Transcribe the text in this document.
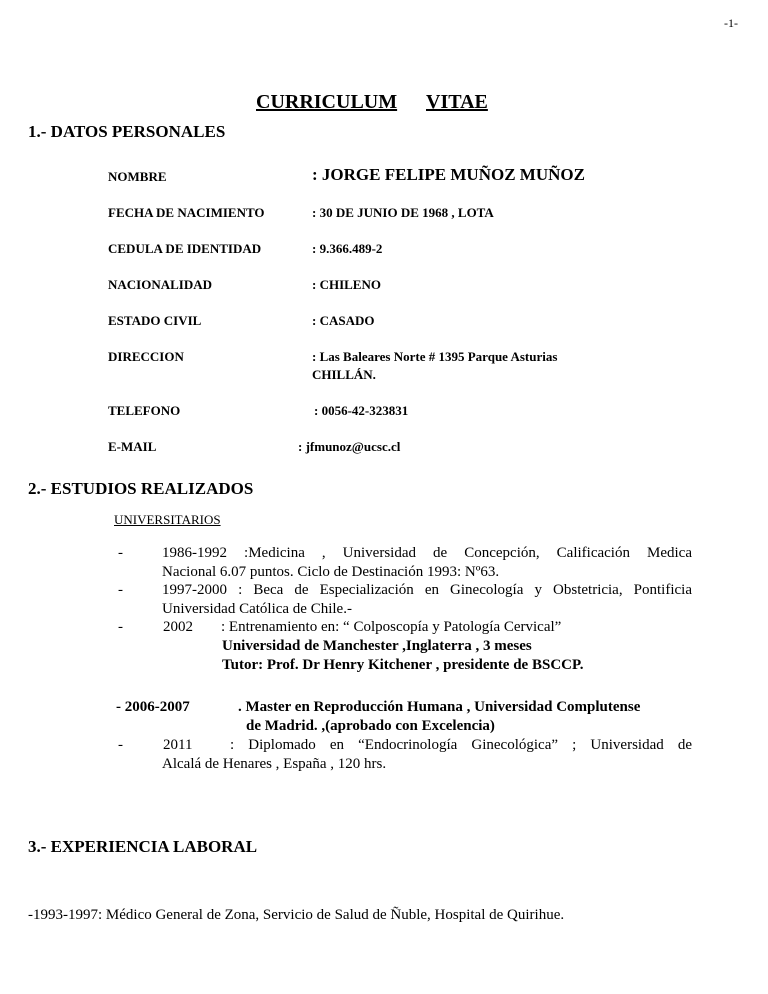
-1-
CURRICULUM VITAE
1.- DATOS PERSONALES
NOMBRE	: JORGE FELIPE MUÑOZ MUÑOZ
FECHA DE NACIMIENTO	: 30 DE JUNIO DE 1968 , LOTA
CEDULA DE IDENTIDAD	: 9.366.489-2
NACIONALIDAD	: CHILENO
ESTADO CIVIL	: CASADO
DIRECCION	: Las Baleares Norte # 1395 Parque Asturias
CHILLÁN.
TELEFONO	: 0056-42-323831
E-MAIL	: jfmunoz@ucsc.cl
2.- ESTUDIOS REALIZADOS
UNIVERSITARIOS
-	1986-1992 :Medicina , Universidad de Concepción, Calificación Medica
Nacional 6.07 puntos. Ciclo de Destinación 1993: Nº63.
-	1997-2000 : Beca de Especialización en Ginecología y Obstetricia, Pontificia
Universidad Católica de Chile.-
-	2002 : Entrenamiento en: “ Colposcopía y Patología Cervical”
Universidad de Manchester ,Inglaterra , 3 meses
Tutor: Prof. Dr Henry Kitchener , presidente de BSCCP.
- 2006-2007	. Master en Reproducción Humana , Universidad Complutense
de Madrid. ,(aprobado con Excelencia)
-	2011	: Diplomado en “Endocrinología Ginecológica” ; Universidad de
Alcalá de Henares , España , 120 hrs.
3.- EXPERIENCIA LABORAL
-1993-1997: Médico General de Zona, Servicio de Salud de Ñuble, Hospital de Quirihue.
